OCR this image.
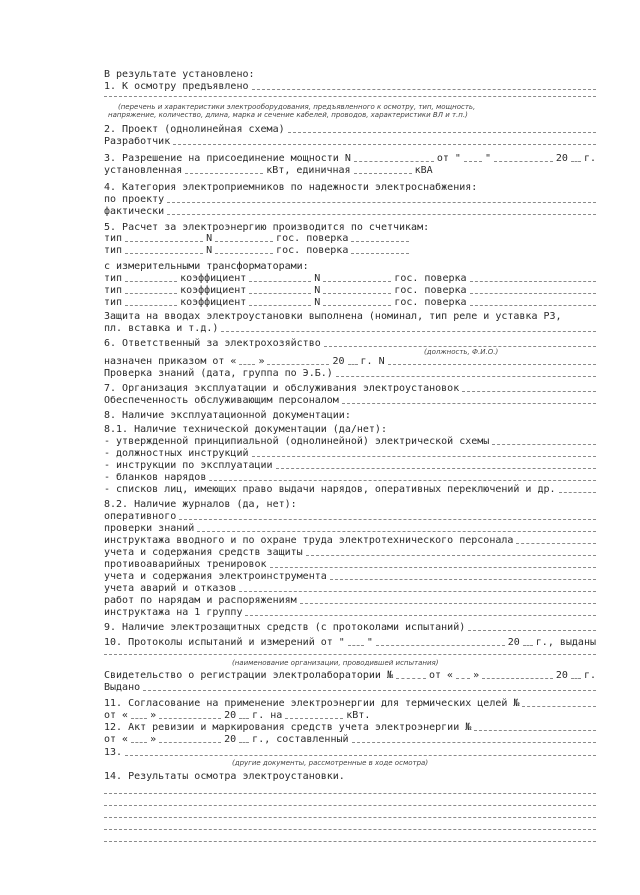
В результате установлено:
1. К осмотру предъявлено
(перечень и характеристики электрооборудования, предъявленного к осмотру, тип, мощность,
напряжение, количество, длина, марка и сечение кабелей, проводов, характеристики ВЛ и т.п.)
2. Проект (однолинейная схема)
Разработчик
3. Разрешение на присоединение мощности N	от " "	20 г.
установленная	кВт, единичная	кВА
4. Категория электроприемников по надежности электроснабжения:
по проекту
фактически
5. Расчет за электроэнергию производится по счетчикам:
тип	N	гос. поверка
тип	N	гос. поверка
с измерительными трансформаторами:
тип	коэффициент	N	гос. поверка
тип	коэффициент	N	гос. поверка
тип	коэффициент	N	гос. поверка
Защита на вводах электроустановки выполнена (номинал, тип реле и уставка РЗ,
пл. вставка и т.д.)
6. Ответственный за электрохозяйство
(должность, Ф.И.О.)
назначен приказом от « »	20 г. N
Проверка знаний (дата, группа по Э.Б.)
7. Организация эксплуатации и обслуживания электроустановок
Обеспеченность обслуживающим персоналом
8. Наличие эксплуатационной документации:
8.1. Наличие технической документации (да/нет):
- утвержденной принципиальной (однолинейной) электрической схемы
- должностных инструкций
- инструкции по эксплуатации
- бланков нарядов
- списков лиц, имеющих право выдачи нарядов, оперативных переключений и др.
8.2. Наличие журналов (да, нет):
оперативного
проверки знаний
инструктажа вводного и по охране труда электротехнического персонала
учета и содержания средств защиты
противоаварийных тренировок
учета и содержания электроинструмента
учета аварий и отказов
работ по нарядам и распоряжениям
инструктажа на 1 группу
9. Наличие электрозащитных средств (с протоколами испытаний)
10. Протоколы испытаний и измерений от " "	20 г., выданы
(наименование организации, проводившей испытания)
Свидетельство о регистрации электролаборатории №	от « »	20 г.
Выдано
11. Согласование на применение электроэнергии для термических целей №
от « »	20 г. на	кВт.
12. Акт ревизии и маркирования средств учета электроэнергии №
от « »	20 г., составленный
13.
(другие документы, рассмотренные в ходе осмотра)
14. Результаты осмотра электроустановки.
